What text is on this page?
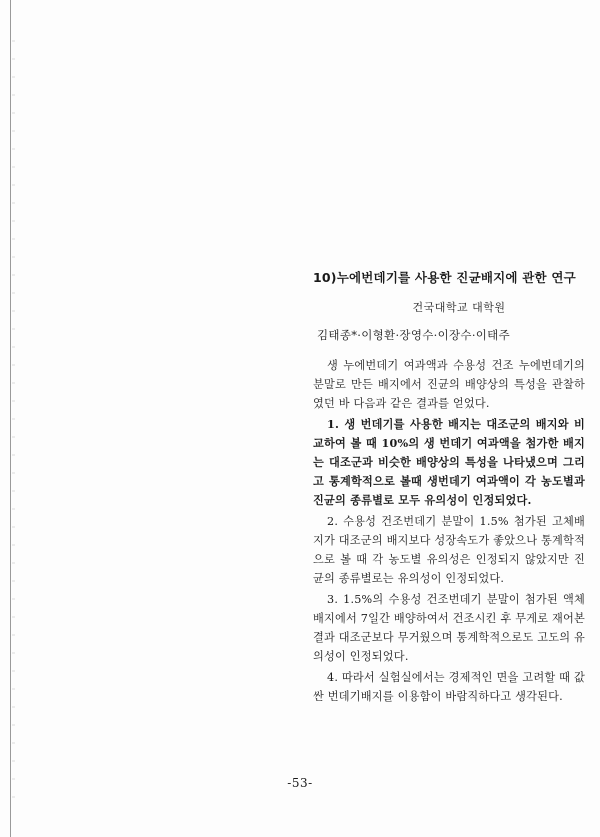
10)누에번데기를 사용한 진균배지에 관한 연구

건국대학교 대학원
김태종*·이형환·장영수·이장수·이태주

생 누에번데기 여과액과 수용성 건조 누에번데기의 분말로 만든 배지에서 진균의 배양상의 특성을 관찰하였던 바 다음과 같은 결과를 얻었다.

1. 생 번데기를 사용한 배지는 대조군의 배지와 비교하여 볼 때 10%의 생 번데기 여과액을 첨가한 배지는 대조군과 비슷한 배양상의 특성을 나타냈으며 그리고 통계학적으로 볼때 생번데기 여과액이 각 농도별과 진균의 종류별로 모두 유의성이 인정되었다.

2. 수용성 건조번데기 분말이 1.5% 첨가된 고체배지가 대조군의 배지보다 성장속도가 좋았으나 통계학적으로 볼 때 각 농도별 유의성은 인정되지 않았지만 진균의 종류별로는 유의성이 인정되었다.

3. 1.5%의 수용성 건조번데기 분말이 첨가된 액체배지에서 7일간 배양하여서 건조시킨 후 무게로 재어본 결과 대조군보다 무거웠으며 통계학적으로도 고도의 유의성이 인정되었다.

4. 따라서 실험실에서는 경제적인 면을 고려할 때 값싼 번데기배지를 이용함이 바람직하다고 생각된다.

-53-
